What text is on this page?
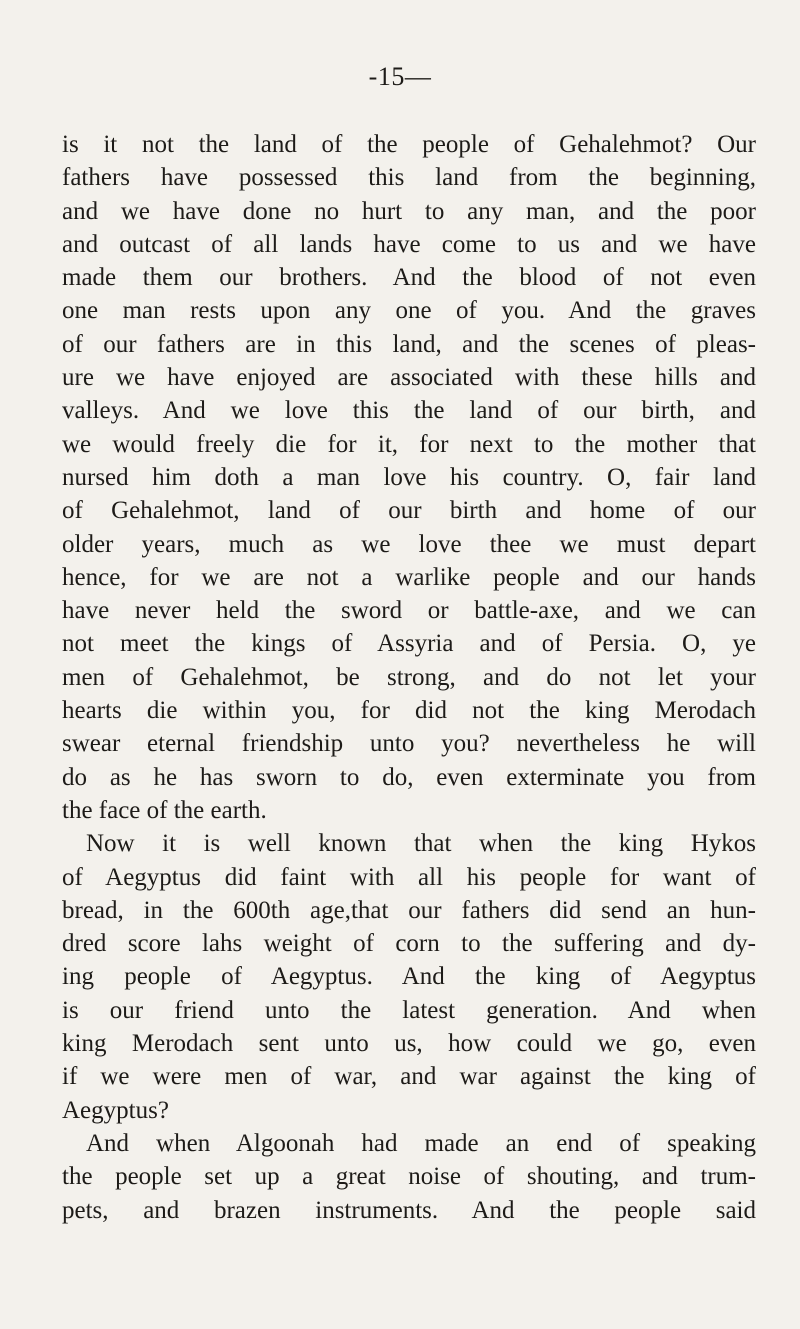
-15—
is it not the land of the people of Gehalehmot? Our
fathers have possessed this land from the beginning,
and we have done no hurt to any man, and the poor
and outcast of all lands have come to us and we have
made them our brothers. And the blood of not even
one man rests upon any one of you. And the graves
of our fathers are in this land, and the scenes of pleas-
ure we have enjoyed are associated with these hills and
valleys. And we love this the land of our birth, and
we would freely die for it, for next to the mother that
nursed him doth a man love his country. O, fair land
of Gehalehmot, land of our birth and home of our
older years, much as we love thee we must depart
hence, for we are not a warlike people and our hands
have never held the sword or battle-axe, and we can
not meet the kings of Assyria and of Persia. O, ye
men of Gehalehmot, be strong, and do not let your
hearts die within you, for did not the king Merodach
swear eternal friendship unto you? nevertheless he will
do as he has sworn to do, even exterminate you from
the face of the earth.
Now it is well known that when the king Hykos
of Aegyptus did faint with all his people for want of
bread, in the 600th age,that our fathers did send an hun-
dred score lahs weight of corn to the suffering and dy-
ing people of Aegyptus. And the king of Aegyptus
is our friend unto the latest generation. And when
king Merodach sent unto us, how could we go, even
if we were men of war, and war against the king of
Aegyptus?
And when Algoonah had made an end of speaking
the people set up a great noise of shouting, and trum-
pets, and brazen instruments. And the people said
